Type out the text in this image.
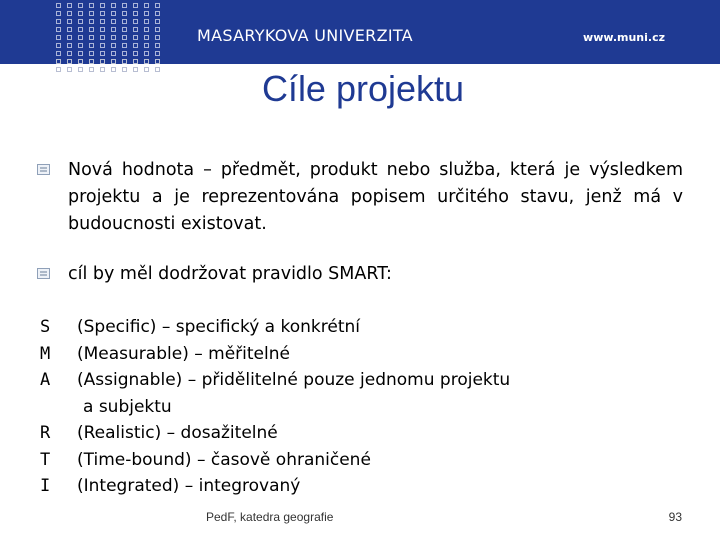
MASARYKOVA UNIVERZITA	www.muni.cz
Cíle projektu
Nová hodnota – předmět, produkt nebo služba, která je výsledkem projektu a je reprezentována popisem určitého stavu, jenž má v budoucnosti existovat.
cíl by měl dodržovat pravidlo SMART:
S	(Specific) – specifický a konkrétní
M	(Measurable) – měřitelné
A	(Assignable) – přidělitelné pouze jednomu projektu
a subjektu
R	(Realistic) – dosažitelné
T	(Time-bound) – časově ohraničené
I	(Integrated) – integrovaný
PedF, katedra geografie	93
